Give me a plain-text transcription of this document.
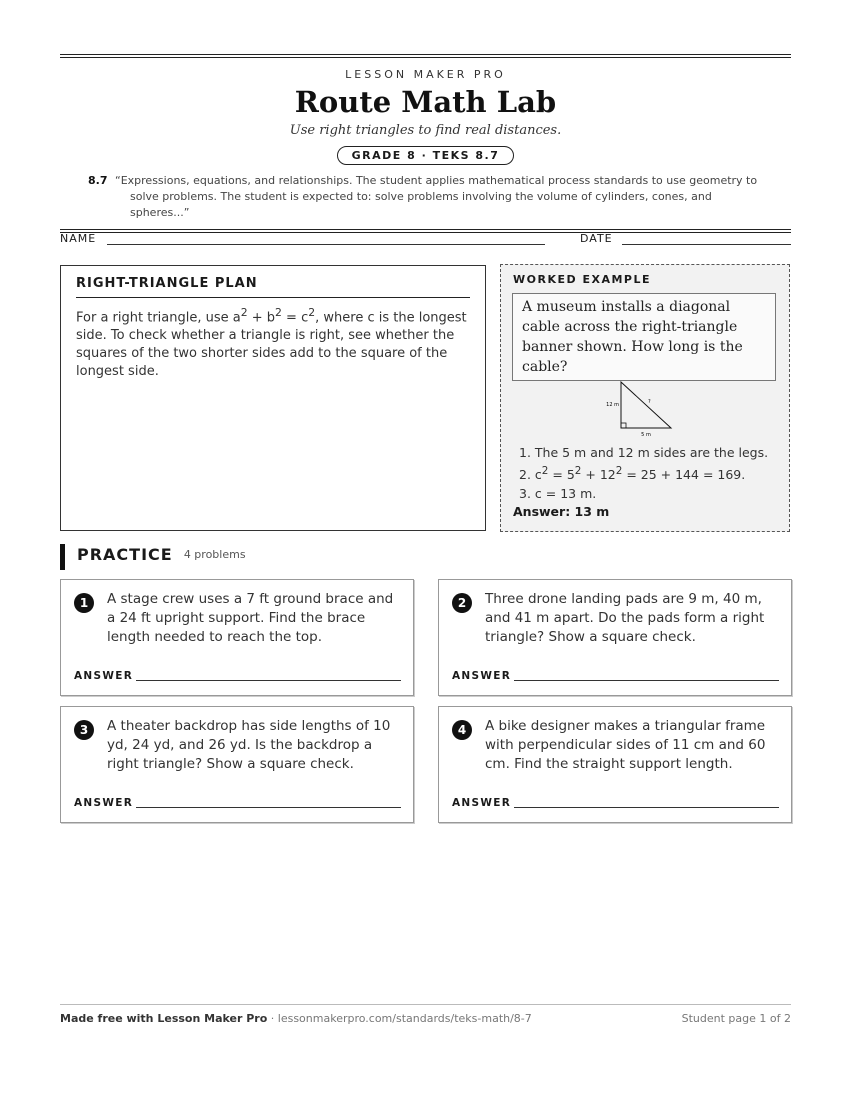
LESSON MAKER PRO
Route Math Lab
Use right triangles to find real distances.
GRADE 8 · TEKS 8.7
8.7 “Expressions, equations, and relationships. The student applies mathematical process standards to use geometry to solve problems. The student is expected to: solve problems involving the volume of cylinders, cones, and spheres...”
NAME	DATE
RIGHT-TRIANGLE PLAN

For a right triangle, use $a^2 + b^2 = c^2$, where c is the longest side. To check whether a triangle is right, see whether the squares of the two shorter sides add to the square of the longest side.

WORKED EXAMPLE
A museum installs a diagonal cable across the right-triangle banner shown. How long is the cable?
12 m	?
5 m
1. The 5 m and 12 m sides are the legs.
2. $c^2 = 5^2 + 12^2 = 25 + 144 = 169$.
3. c = 13 m.
Answer: 13 m
PRACTICE 4 problems
1	A stage crew uses a 7 ft ground brace and a 24 ft upright support. Find the brace length needed to reach the top.
ANSWER
2	Three drone landing pads are 9 m, 40 m, and 41 m apart. Do the pads form a right triangle? Show a square check.
ANSWER
3	A theater backdrop has side lengths of 10 yd, 24 yd, and 26 yd. Is the backdrop a right triangle? Show a square check.
ANSWER
4	A bike designer makes a triangular frame with perpendicular sides of 11 cm and 60 cm. Find the straight support length.
ANSWER
Made free with Lesson Maker Pro · lessonmakerpro.com/standards/teks-math/8-7	Student page 1 of 2
